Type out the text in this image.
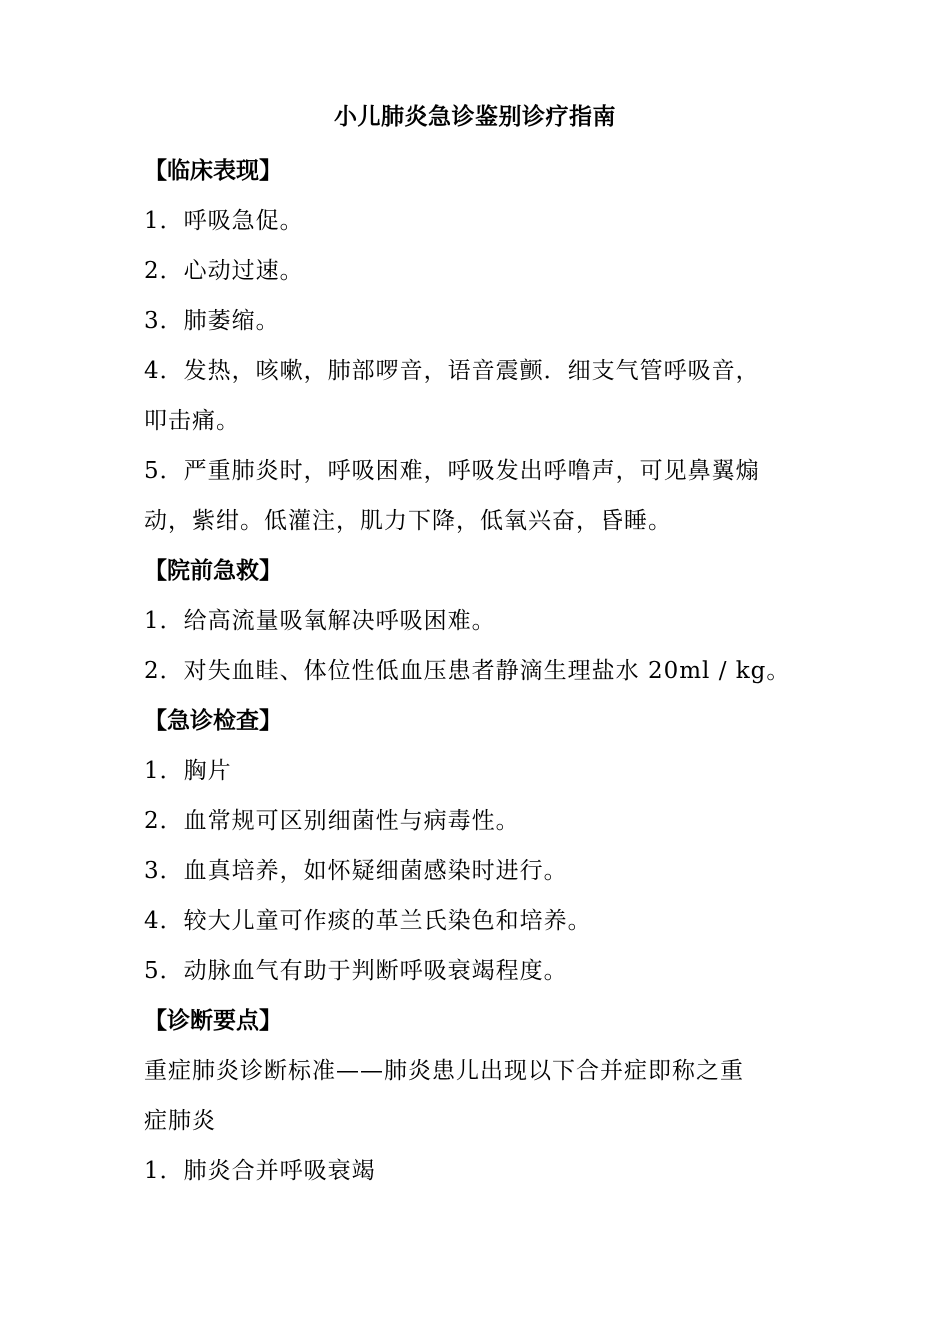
小儿肺炎急诊鉴别诊疗指南
【临床表现】
1．呼吸急促。
2．心动过速。
3．肺萎缩。
4．发热，咳嗽，肺部啰音，语音震颤．细支气管呼吸音，
叩击痛。
5．严重肺炎时，呼吸困难，呼吸发出呼噜声，可见鼻翼煽
动，紫绀。低灌注，肌力下降，低氧兴奋，昏睡。
【院前急救】
1．给高流量吸氧解决呼吸困难。
2．对失血眭、体位性低血压患者静滴生理盐水 20ml / kg。
【急诊检查】
1．胸片
2．血常规可区别细菌性与病毒性。
3．血真培养，如怀疑细菌感染时进行。
4．较大儿童可作痰的革兰氏染色和培养。
5．动脉血气有助于判断呼吸衰竭程度。
【诊断要点】
重症肺炎诊断标准——肺炎患儿出现以下合并症即称之重
症肺炎
1．肺炎合并呼吸衰竭
